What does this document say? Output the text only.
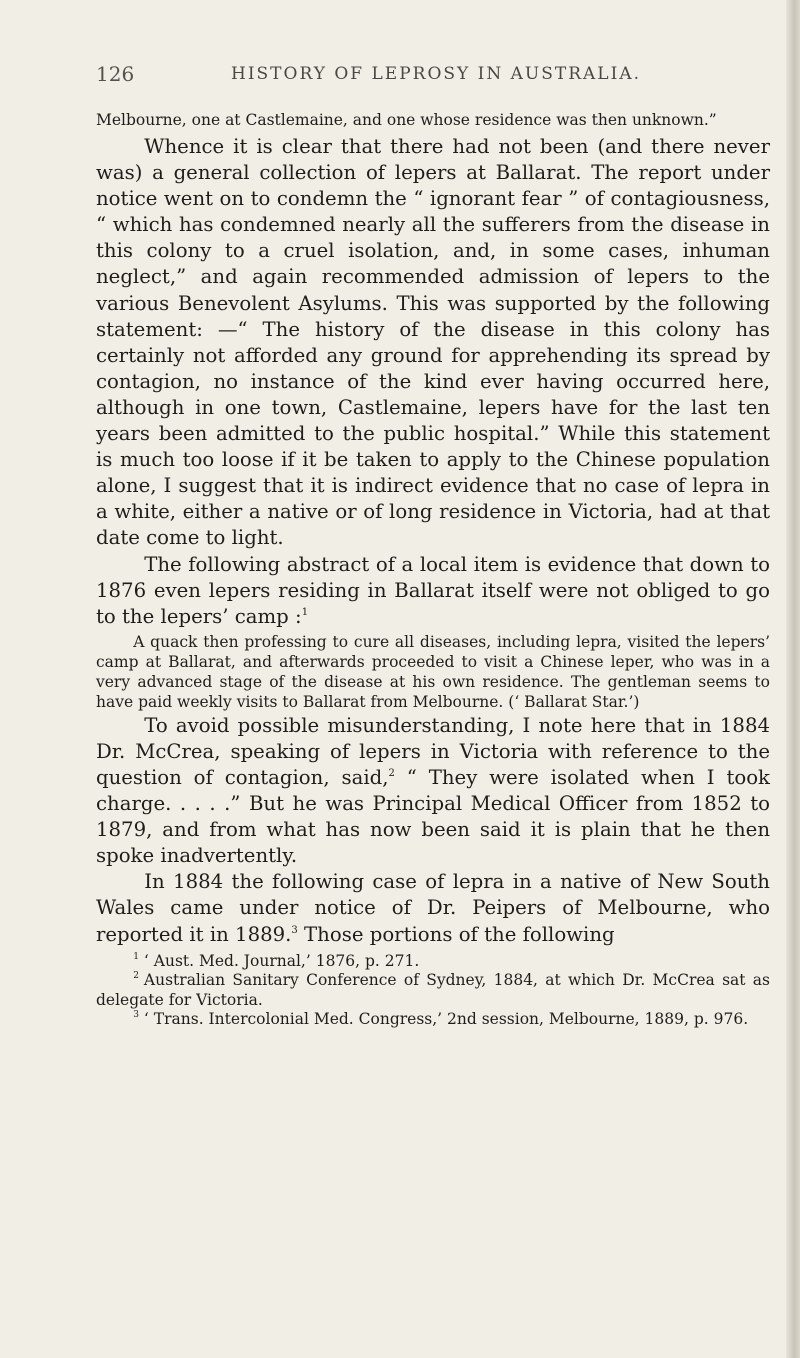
126	HISTORY OF LEPROSY IN AUSTRALIA.

Melbourne, one at Castlemaine, and one whose residence was then unknown.”

Whence it is clear that there had not been (and there never was) a general collection of lepers at Ballarat. The report under notice went on to condemn the “ ignorant fear ” of contagiousness, “ which has condemned nearly all the sufferers from the disease in this colony to a cruel isolation, and, in some cases, inhuman neglect,” and again recommended admission of lepers to the various Benevolent Asylums. This was supported by the following statement: —“ The history of the disease in this colony has certainly not afforded any ground for apprehending its spread by contagion, no instance of the kind ever having occurred here, although in one town, Castlemaine, lepers have for the last ten years been admitted to the public hospital.” While this statement is much too loose if it be taken to apply to the Chinese population alone, I suggest that it is indirect evidence that no case of lepra in a white, either a native or of long residence in Victoria, had at that date come to light.

The following abstract of a local item is evidence that down to 1876 even lepers residing in Ballarat itself were not obliged to go to the lepers’ camp :$^1$

A quack then professing to cure all diseases, including lepra, visited the lepers’ camp at Ballarat, and afterwards proceeded to visit a Chinese leper, who was in a very advanced stage of the disease at his own residence. The gentleman seems to have paid weekly visits to Ballarat from Melbourne. (‘ Ballarat Star.’)

To avoid possible misunderstanding, I note here that in 1884 Dr. McCrea, speaking of lepers in Victoria with reference to the question of contagion, said,$^2$ “ They were isolated when I took charge. . . . .” But he was Principal Medical Officer from 1852 to 1879, and from what has now been said it is plain that he then spoke inadvertently.

In 1884 the following case of lepra in a native of New South Wales came under notice of Dr. Peipers of Melbourne, who reported it in 1889.$^3$ Those portions of the following

$^1$ ‘ Aust. Med. Journal,’ 1876, p. 271.

$^2$ Australian Sanitary Conference of Sydney, 1884, at which Dr. McCrea sat as delegate for Victoria.

$^3$ ‘ Trans. Intercolonial Med. Congress,’ 2nd session, Melbourne, 1889, p. 976.
